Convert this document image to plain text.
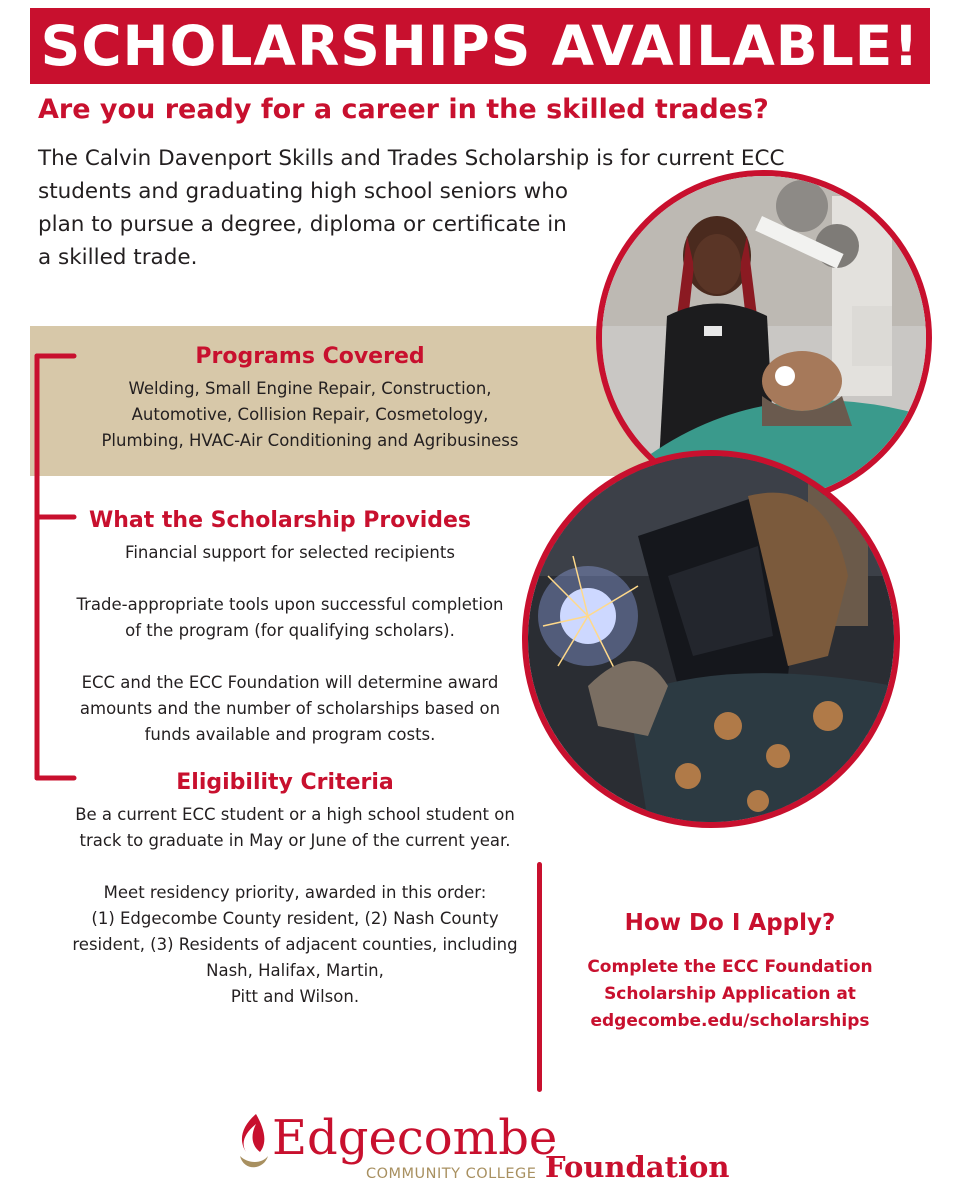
SCHOLARSHIPS AVAILABLE!
Are you ready for a career in the skilled trades?
The Calvin Davenport Skills and Trades Scholarship is for current ECC
students and graduating high school seniors who
plan to pursue a degree, diploma or certificate in
a skilled trade.
Programs Covered
Welding, Small Engine Repair, Construction,
Automotive, Collision Repair, Cosmetology,
Plumbing, HVAC-Air Conditioning and Agribusiness
What the Scholarship Provides
Financial support for selected recipients
Trade-appropriate tools upon successful completion
of the program (for qualifying scholars).
ECC and the ECC Foundation will determine award
amounts and the number of scholarships based on
funds available and program costs.
Eligibility Criteria
Be a current ECC student or a high school student on
track to graduate in May or June of the current year.
Meet residency priority, awarded in this order:
(1) Edgecombe County resident, (2) Nash County
resident, (3) Residents of adjacent counties, including
Nash, Halifax, Martin,
Pitt and Wilson.
How Do I Apply?
Complete the ECC Foundation
Scholarship Application at
edgecombe.edu/scholarships
Edgecombe
COMMUNITY COLLEGE Foundation
